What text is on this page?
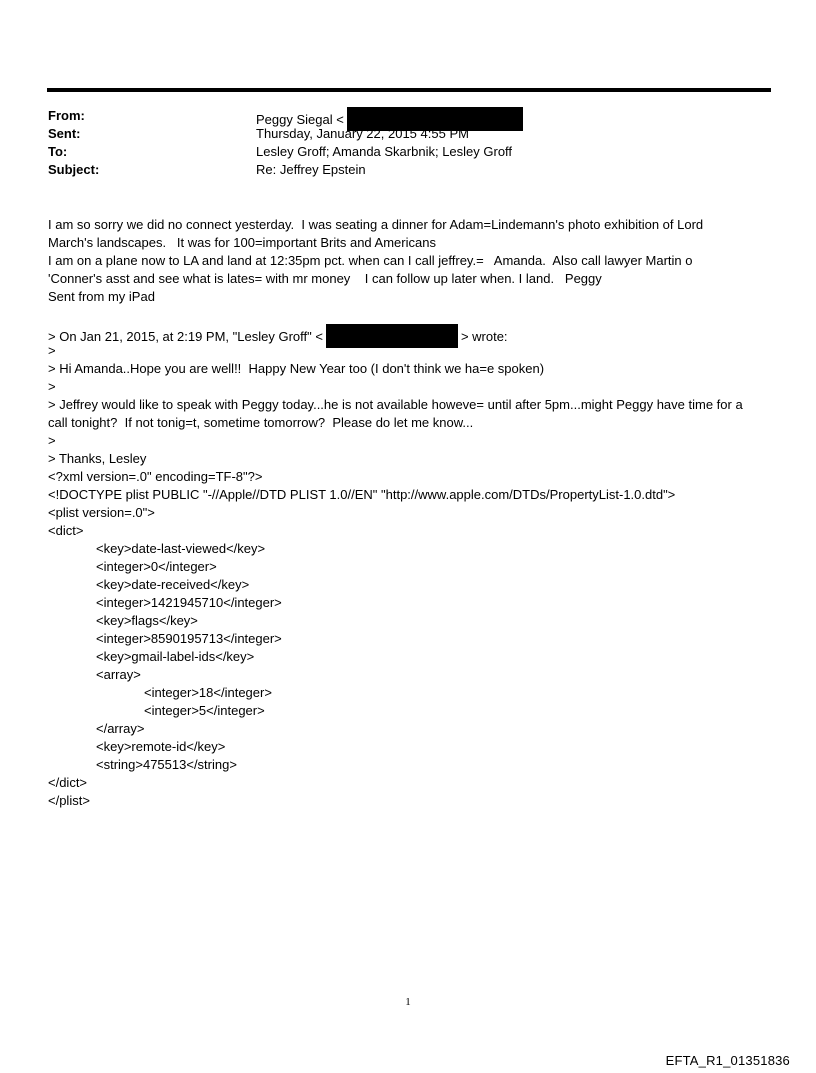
From:	Peggy Siegal <
Sent:	Thursday, January 22, 2015 4:55 PM
To:	Lesley Groff; Amanda Skarbnik; Lesley Groff
Subject:	Re: Jeffrey Epstein
I am so sorry we did no connect yesterday.  I was seating a dinner for Adam=Lindemann's photo exhibition of Lord
March's landscapes.   It was for 100=important Brits and Americans
I am on a plane now to LA and land at 12:35pm pct. when can I call jeffrey.=   Amanda.  Also call lawyer Martin o
'Conner's asst and see what is lates= with mr money    I can follow up later when. I land.   Peggy
Sent from my iPad
> On Jan 21, 2015, at 2:19 PM, "Lesley Groff" <	> wrote:
>
> Hi Amanda..Hope you are well!!  Happy New Year too (I don't think we ha=e spoken)
>
> Jeffrey would like to speak with Peggy today...he is not available howeve= until after 5pm...might Peggy have time for a
call tonight?  If not tonig=t, sometime tomorrow?  Please do let me know...
>
> Thanks, Lesley
<?xml version=.0" encoding=TF-8"?>
<!DOCTYPE plist PUBLIC "-//Apple//DTD PLIST 1.0//EN" "http://www.apple.com/DTDs/PropertyList-1.0.dtd">
<plist version=.0">
<dict>
<key>date-last-viewed</key>
<integer>0</integer>
<key>date-received</key>
<integer>1421945710</integer>
<key>flags</key>
<integer>8590195713</integer>
<key>gmail-label-ids</key>
<array>
<integer>18</integer>
<integer>5</integer>
</array>
<key>remote-id</key>
<string>475513</string>
</dict>
</plist>
1
EFTA_R1_01351836
